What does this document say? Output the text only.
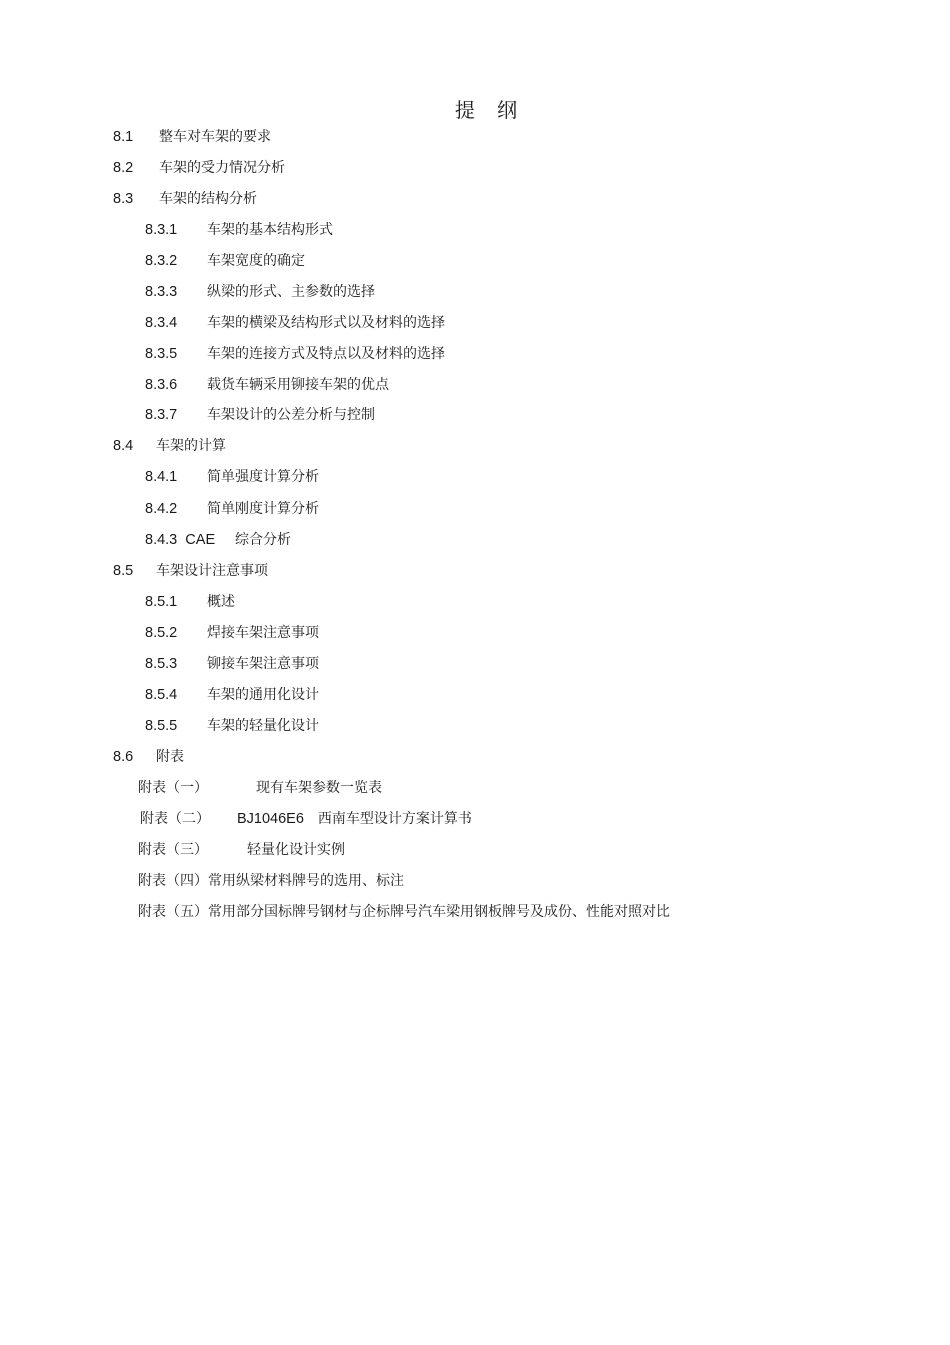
提 纲
8.1 整车对车架的要求
8.2 车架的受力情况分析
8.3 车架的结构分析
8.3.1 车架的基本结构形式
8.3.2 车架宽度的确定
8.3.3 纵梁的形式、主参数的选择
8.3.4 车架的横梁及结构形式以及材料的选择
8.3.5 车架的连接方式及特点以及材料的选择
8.3.6 载货车辆采用铆接车架的优点
8.3.7 车架设计的公差分析与控制
8.4 车架的计算
8.4.1 简单强度计算分析
8.4.2 简单刚度计算分析
8.4.3  CAE 综合分析
8.5 车架设计注意事项
8.5.1 概述
8.5.2 焊接车架注意事项
8.5.3 铆接车架注意事项
8.5.4 车架的通用化设计
8.5.5 车架的轻量化设计
8.6 附表
附表（一）	现有车架参数一览表
附表（二） BJ1046E6 西南车型设计方案计算书
附表（三）	轻量化设计实例
附表（四）常用纵梁材料牌号的选用、标注
附表（五）常用部分国标牌号钢材与企标牌号汽车梁用钢板牌号及成份、性能对照对比
